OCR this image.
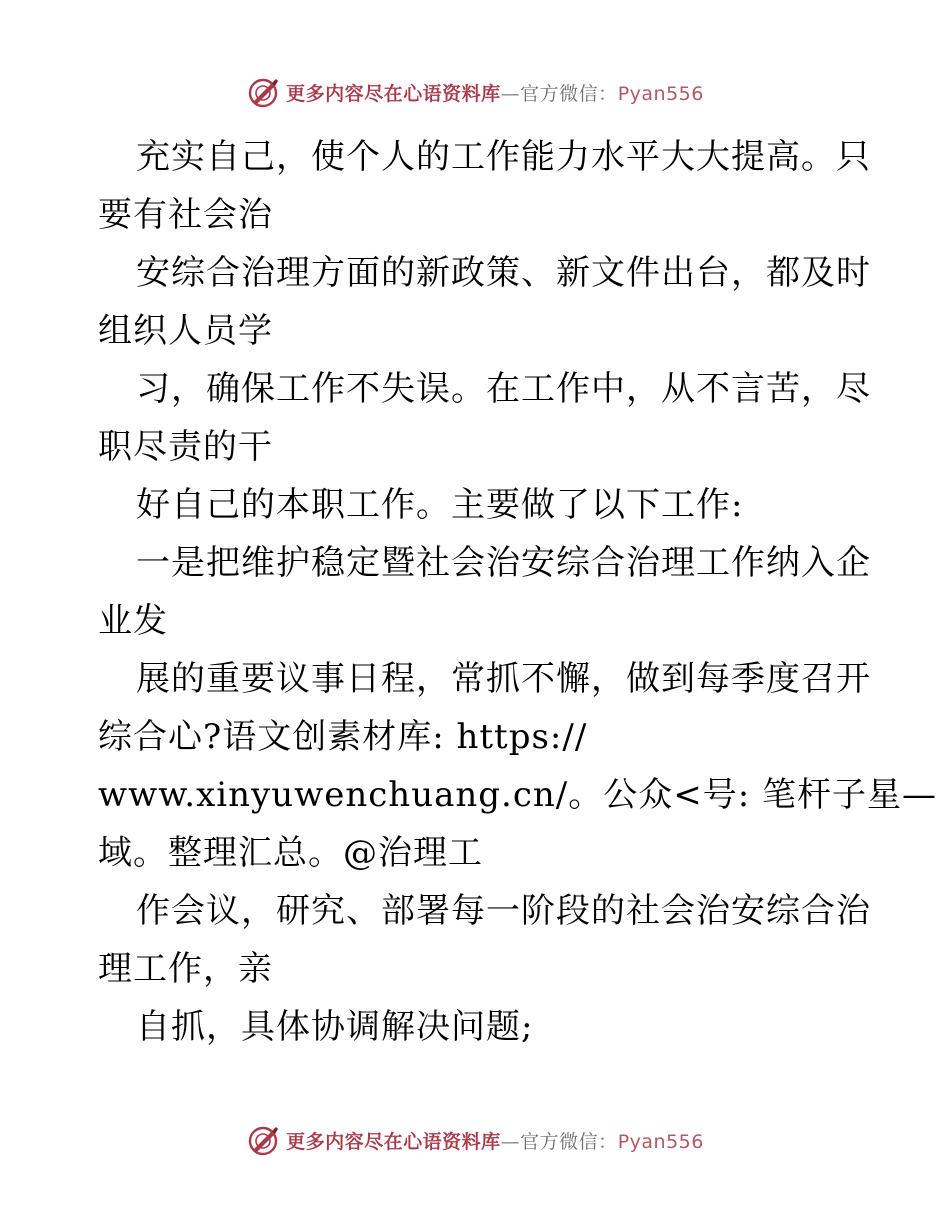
更多内容尽在心语资料库—官方微信：Pyan556
充实自己，使个人的工作能力水平大大提高。只
要有社会治
安综合治理方面的新政策、新文件出台，都及时
组织人员学
习，确保工作不失误。在工作中，从不言苦，尽
职尽责的干
好自己的本职工作。主要做了以下工作:
一是把维护稳定暨社会治安综合治理工作纳入企
业发
展的重要议事日程，常抓不懈，做到每季度召开
综合心?语文创素材库: https://
www.xinyuwenchuang.cn/。公众<号: 笔杆子星—
域。整理汇总。@治理工
作会议，研究、部署每一阶段的社会治安综合治
理工作，亲
自抓，具体协调解决问题;
更多内容尽在心语资料库—官方微信：Pyan556
